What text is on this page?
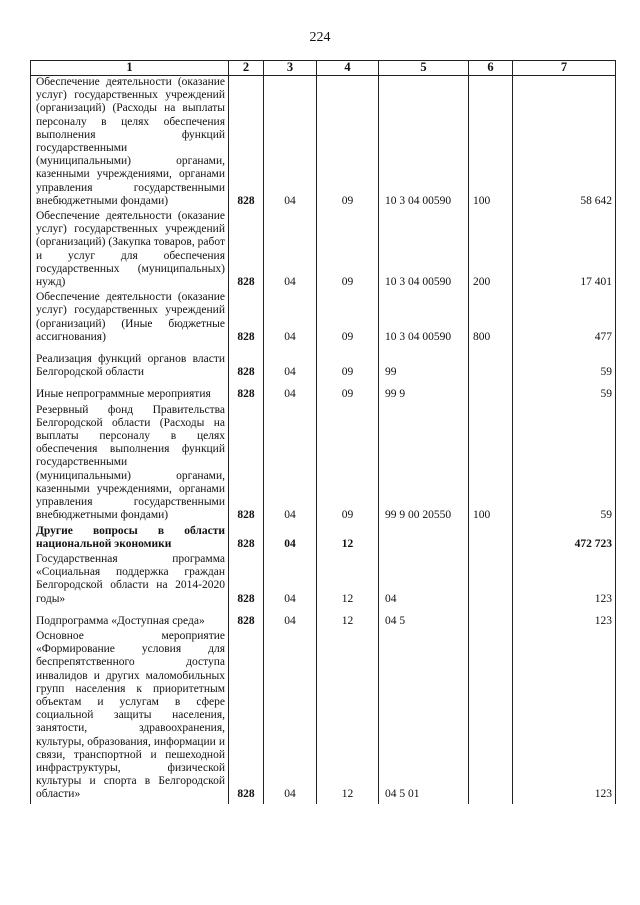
224
1	2	3	4	5	6	7
Обеспечение деятельности (оказание услуг) государственных учреждений (организаций) (Расходы на выплаты персоналу в целях обеспечения выполнения функций государственными (муниципальными) органами, казенными учреждениями, органами управления государственными внебюджетными фондами)	828	04	09	10 3 04 00590	100	58 642
Обеспечение деятельности (оказание услуг) государственных учреждений (организаций) (Закупка товаров, работ и услуг для обеспечения государственных (муниципальных) нужд)	828	04	09	10 3 04 00590	200	17 401
Обеспечение деятельности (оказание услуг) государственных учреждений (организаций) (Иные бюджетные ассигнования)	828	04	09	10 3 04 00590	800	477

Реализация функций органов власти Белгородской области	828	04	09	99		59

Иные непрограммные мероприятия	828	04	09	99 9		59
Резервный фонд Правительства Белгородской области (Расходы на выплаты персоналу в целях обеспечения выполнения функций государственными (муниципальными) органами, казенными учреждениями, органами управления государственными внебюджетными фондами)	828	04	09	99 9 00 20550	100	59
Другие вопросы в области национальной экономики	828	04	12			472 723
Государственная программа «Социальная поддержка граждан Белгородской области на 2014-2020 годы»	828	04	12	04		123

Подпрограмма «Доступная среда»	828	04	12	04 5		123
Основное мероприятие «Формирование условия для беспрепятственного доступа инвалидов и других маломобильных групп населения к приоритетным объектам и услугам в сфере социальной защиты населения, занятости, здравоохранения, культуры, образования, информации и связи, транспортной и пешеходной инфраструктуры, физической культуры и спорта в Белгородской области»	828	04	12	04 5 01		123
